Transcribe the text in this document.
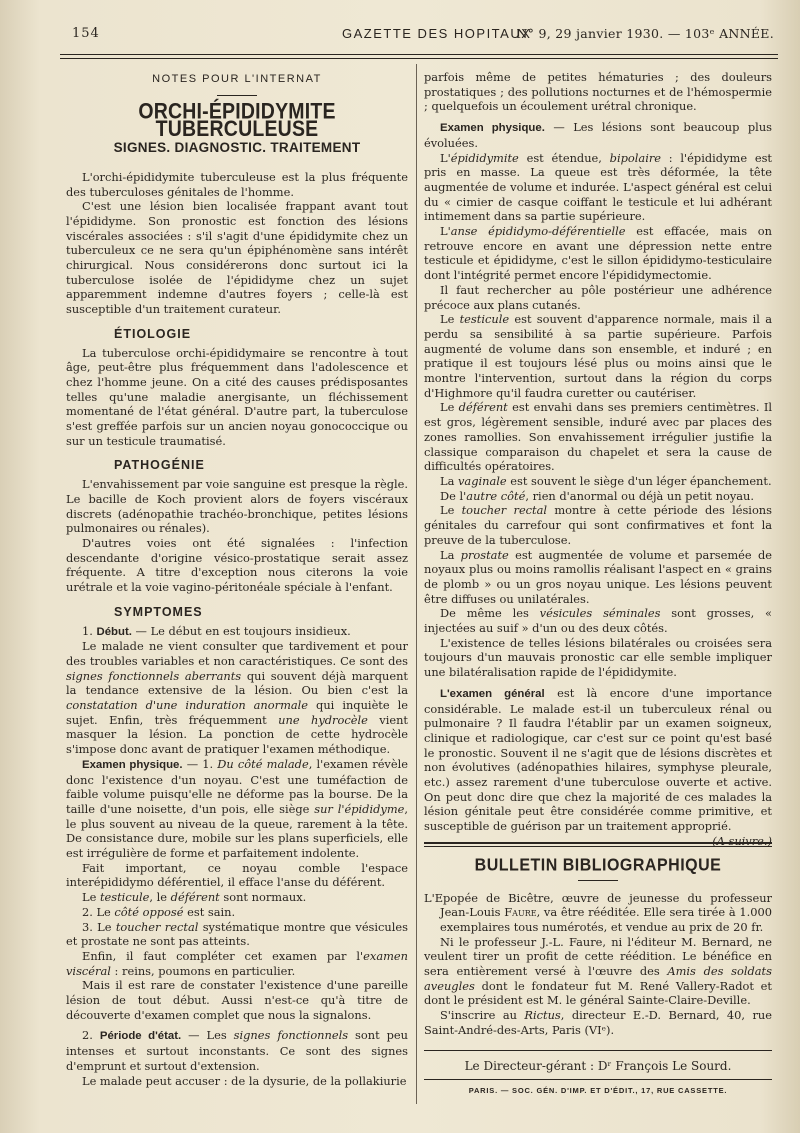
154	GAZETTE DES HOPITAUX
N° 9, 29 janvier 1930. — 103ᵉ ANNÉE.
NOTES POUR L'INTERNAT
ORCHI-ÉPIDIDYMITE TUBERCULEUSE
SIGNES. DIAGNOSTIC. TRAITEMENT

L'orchi-épididymite tuberculeuse est la plus fréquente des tuberculoses génitales de l'homme.

C'est une lésion bien localisée frappant avant tout l'épididyme. Son pronostic est fonction des lésions viscérales associées : s'il s'agit d'une épididymite chez un tuberculeux ce ne sera qu'un épiphénomène sans intérêt chirurgical. Nous considérerons donc surtout ici la tuberculose isolée de l'épididyme chez un sujet apparemment indemne d'autres foyers ; celle-là est susceptible d'un traitement curateur.

ÉTIOLOGIE

La tuberculose orchi-épididymaire se rencontre à tout âge, peut-être plus fréquemment dans l'adolescence et chez l'homme jeune. On a cité des causes prédisposantes telles qu'une maladie anergisante, un fléchissement momentané de l'état général. D'autre part, la tuberculose s'est greffée parfois sur un ancien noyau gonococcique ou sur un testicule traumatisé.

PATHOGÉNIE

L'envahissement par voie sanguine est presque la règle. Le bacille de Koch provient alors de foyers viscéraux discrets (adénopathie trachéo-bronchique, petites lésions pulmonaires ou rénales).

D'autres voies ont été signalées : l'infection descendante d'origine vésico-prostatique serait assez fréquente. A titre d'exception nous citerons la voie urétrale et la voie vagino-péritonéale spéciale à l'enfant.

SYMPTOMES

1. Début. — Le début en est toujours insidieux.

Le malade ne vient consulter que tardivement et pour des troubles variables et non caractéristiques. Ce sont des signes fonctionnels aberrants qui souvent déjà marquent la tendance extensive de la lésion. Ou bien c'est la constatation d'une induration anormale qui inquiète le sujet. Enfin, très fréquemment une hydrocèle vient masquer la lésion. La ponction de cette hydrocèle s'impose donc avant de pratiquer l'examen méthodique.

Examen physique. — 1. Du côté malade, l'examen révèle donc l'existence d'un noyau. C'est une tuméfaction de faible volume puisqu'elle ne déforme pas la bourse. De la taille d'une noisette, d'un pois, elle siège sur l'épididyme, le plus souvent au niveau de la queue, rarement à la tête. De consistance dure, mobile sur les plans superficiels, elle est irrégulière de forme et parfaitement indolente.

Fait important, ce noyau comble l'espace interépididymo déférentiel, il efface l'anse du déférent.

Le testicule, le déférent sont normaux.

2. Le côté opposé est sain.

3. Le toucher rectal systématique montre que vésicules et prostate ne sont pas atteints.

Enfin, il faut compléter cet examen par l'examen viscéral : reins, poumons en particulier.

Mais il est rare de constater l'existence d'une pareille lésion de tout début. Aussi n'est-ce qu'à titre de découverte d'examen complet que nous la signalons.

2. Période d'état. — Les signes fonctionnels sont peu intenses et surtout inconstants. Ce sont des signes d'emprunt et surtout d'extension.

Le malade peut accuser : de la dysurie, de la pollakiurie

parfois même de petites hématuries ; des douleurs prostatiques ; des pollutions nocturnes et de l'hémospermie ; quelquefois un écoulement urétral chronique.

Examen physique. — Les lésions sont beaucoup plus évoluées.

L'épididymite est étendue, bipolaire : l'épididyme est pris en masse. La queue est très déformée, la tête augmentée de volume et indurée. L'aspect général est celui du « cimier de casque coiffant le testicule et lui adhérant intimement dans sa partie supérieure.

L'anse épididymo-déférentielle est effacée, mais on retrouve encore en avant une dépression nette entre testicule et épididyme, c'est le sillon épididymo-testiculaire dont l'intégrité permet encore l'épididymectomie.

Il faut rechercher au pôle postérieur une adhérence précoce aux plans cutanés.

Le testicule est souvent d'apparence normale, mais il a perdu sa sensibilité à sa partie supérieure. Parfois augmenté de volume dans son ensemble, et induré ; en pratique il est toujours lésé plus ou moins ainsi que le montre l'intervention, surtout dans la région du corps d'Highmore qu'il faudra curetter ou cautériser.

Le déférent est envahi dans ses premiers centimètres. Il est gros, légèrement sensible, induré avec par places des zones ramollies. Son envahissement irrégulier justifie la classique comparaison du chapelet et sera la cause de difficultés opératoires.

La vaginale est souvent le siège d'un léger épanchement.

De l'autre côté, rien d'anormal ou déjà un petit noyau.

Le toucher rectal montre à cette période des lésions génitales du carrefour qui sont confirmatives et font la preuve de la tuberculose.

La prostate est augmentée de volume et parsemée de noyaux plus ou moins ramollis réalisant l'aspect en « grains de plomb » ou un gros noyau unique. Les lésions peuvent être diffuses ou unilatérales.

De même les vésicules séminales sont grosses, « injectées au suif » d'un ou des deux côtés.

L'existence de telles lésions bilatérales ou croisées sera toujours d'un mauvais pronostic car elle semble impliquer une bilatéralisation rapide de l'épididymite.

L'examen général est là encore d'une importance considérable. Le malade est-il un tuberculeux rénal ou pulmonaire ? Il faudra l'établir par un examen soigneux, clinique et radiologique, car c'est sur ce point qu'est basé le pronostic. Souvent il ne s'agit que de lésions discrètes et non évolutives (adénopathies hilaires, symphyse pleurale, etc.) assez rarement d'une tuberculose ouverte et active. On peut donc dire que chez la majorité de ces malades la lésion génitale peut être considérée comme primitive, et susceptible de guérison par un traitement approprié.
(A suivre.)

BULLETIN BIBLIOGRAPHIQUE

L'Epopée de Bicêtre, œuvre de jeunesse du professeur Jean-Louis Faure, va être rééditée. Elle sera tirée à 1.000 exemplaires tous numérotés, et vendue au prix de 20 fr.

Ni le professeur J.-L. Faure, ni l'éditeur M. Bernard, ne veulent tirer un profit de cette réédition. Le bénéfice en sera entièrement versé à l'œuvre des Amis des soldats aveugles dont le fondateur fut M. René Vallery-Radot et dont le président est M. le général Sainte-Claire-Deville.

S'inscrire au Rictus, directeur E.-D. Bernard, 40, rue Saint-André-des-Arts, Paris (VIᵉ).

Le Directeur-gérant : Dʳ François Le Sourd.

PARIS. — SOC. GÉN. D'IMP. ET D'ÉDIT., 17, RUE CASSETTE.
